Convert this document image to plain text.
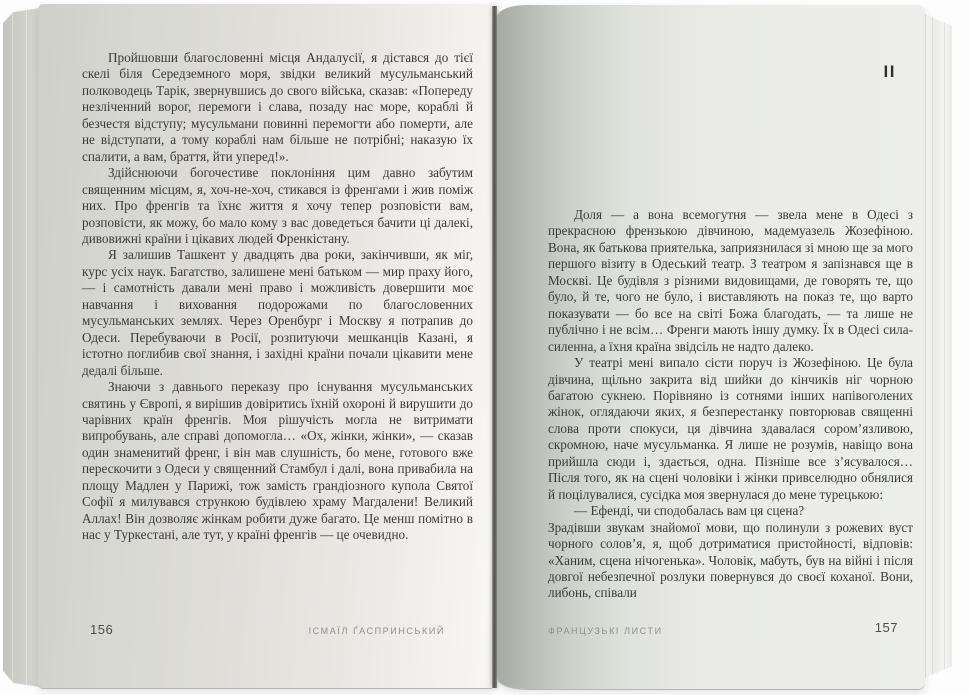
Пройшовши благословенні місця Андалусії, я дістався до тієї скелі біля Середземного моря, звідки великий мусульманський полководець Тарік, звернувшись до свого війська, сказав: «Попереду незліченний ворог, перемоги і слава, позаду нас море, кораблі й безчестя відступу; мусульмани повинні перемогти або померти, але не відступати, а тому кораблі нам більше не потрібні; наказую їх спалити, а вам, браття, йти уперед!».

Здійснюючи богочестиве поклоніння цим давно забутим священним місцям, я, хоч-не-хоч, стикався із френгами і жив поміж них. Про френгів та їхнє життя я хочу тепер розповісти вам, розповісти, як можу, бо мало кому з вас доведеться бачити ці далекі, дивовижні країни і цікавих людей Френкістану.

Я залишив Ташкент у двадцять два роки, закінчивши, як міг, курс усіх наук. Багатство, залишене мені батьком — мир праху його, — і самотність давали мені право і можливість довершити моє навчання і виховання подорожами по благословенних мусульманських землях. Через Оренбург і Москву я потрапив до Одеси. Перебуваючи в Росії, розпитуючи мешканців Казані, я істотно поглибив свої знання, і західні країни почали цікавити мене дедалі більше.

Знаючи з давнього переказу про існування мусульманських святинь у Європі, я вирішив довіритись їхній охороні й вирушити до чарівних країн френгів. Моя рішучість могла не витримати випробувань, але справі допомогла… «Ох, жінки, жінки», — сказав один знаменитий френг, і він мав слушність, бо мене, готового вже перескочити з Одеси у священний Стамбул і далі, вона привабила на площу Мадлен у Парижі, тож замість грандіозного купола Святої Софії я милувався стрункою будівлею храму Магдалени! Великий Аллах! Він дозволяє жінкам робити дуже багато. Це менш помітно в нас у Туркестані, але тут, у країні френгів — це очевидно.

II

Доля — а вона всемогутня — звела мене в Одесі з прекрасною френзькою дівчиною, мадемуазель Жозефіною. Вона, як батькова приятелька, заприязнилася зі мною ще за мого першого візиту в Одеський театр. З театром я запізнався ще в Москві. Це будівля з різними видовищами, де говорять те, що було, й те, чого не було, і виставляють на показ те, що варто показувати — бо все на світі Божа благодать, — та лише не публічно і не всім… Френги мають іншу думку. Їх в Одесі сила-силенна, а їхня країна звідсіль не надто далеко.

У театрі мені випало сісти поруч із Жозефіною. Це була дівчина, щільно закрита від шийки до кінчиків ніг чорною багатою сукнею. Порівняно із сотнями інших напівоголених жінок, оглядаючи яких, я безперестанку повторював священні слова проти спокуси, ця дівчина здавалася сором’язливою, скромною, наче мусульманка. Я лише не розумів, навіщо вона прийшла сюди і, здається, одна. Пізніше все з’ясувалося… Після того, як на сцені чоловіки і жінки привселюдно обнялися й поцілувалися, сусідка моя звернулася до мене турецькою:

— Ефенді, чи сподобалась вам ця сцена?

Зрадівши звукам знайомої мови, що полинули з рожевих вуст чорного солов’я, я, щоб дотриматися пристойності, відповів: «Ханим, сцена нічогенька». Чоловік, мабуть, був на війні і після довгої небезпечної розлуки повернувся до своєї коханої. Вони, либонь, співали

156	ІСМАЇЛ ҐАСПРИНСЬКИЙ	ФРАНЦУЗЬКІ ЛИСТИ	157
